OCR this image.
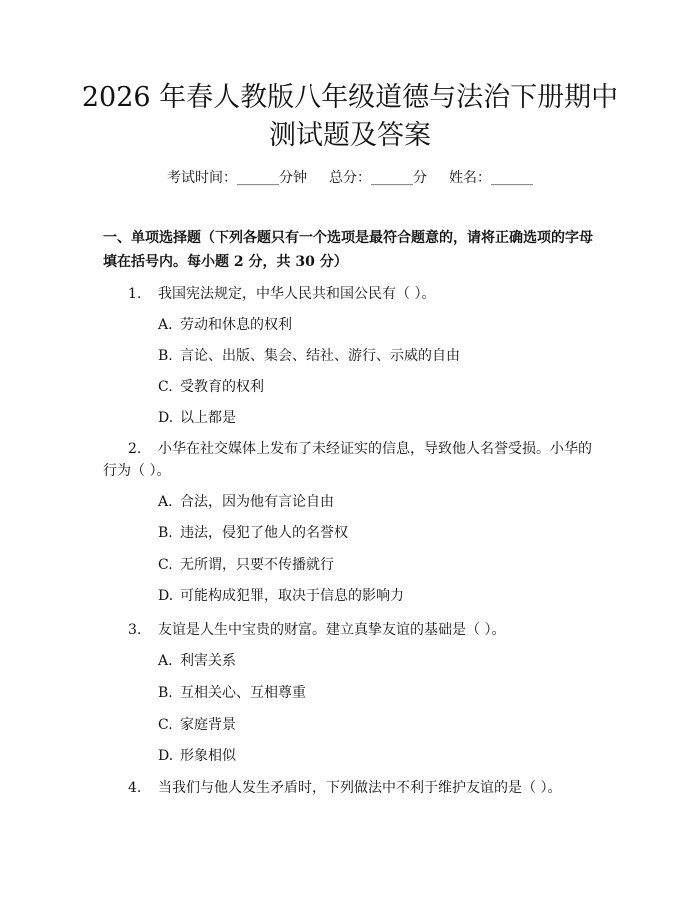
2026 年春人教版八年级道德与法治下册期中
测试题及答案
考试时间：______分钟 总分：______分 姓名：______

一、单项选择题（下列各题只有一个选项是最符合题意的，请将正确选项的字母填在括号内。每小题 2 分，共 30 分）

1. 我国宪法规定，中华人民共和国公民有（ ）。
A. 劳动和休息的权利
B. 言论、出版、集会、结社、游行、示威的自由
C. 受教育的权利
D. 以上都是
2. 小华在社交媒体上发布了未经证实的信息，导致他人名誉受损。小华的行为（ ）。
A. 合法，因为他有言论自由
B. 违法，侵犯了他人的名誉权
C. 无所谓，只要不传播就行
D. 可能构成犯罪，取决于信息的影响力
3. 友谊是人生中宝贵的财富。建立真挚友谊的基础是（ ）。
A. 利害关系
B. 互相关心、互相尊重
C. 家庭背景
D. 形象相似
4. 当我们与他人发生矛盾时，下列做法中不利于维护友谊的是（ ）。
